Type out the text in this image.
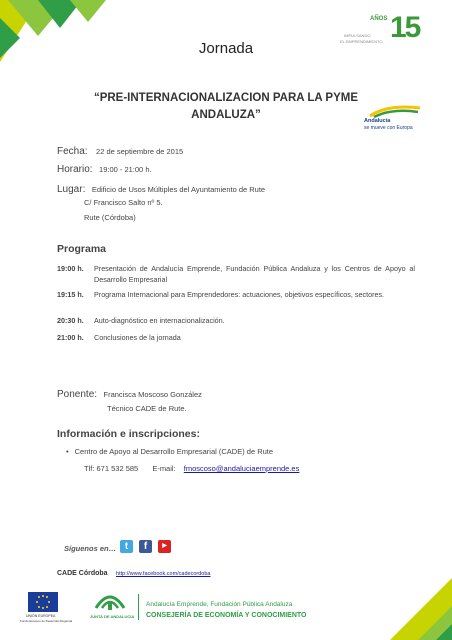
AÑOS
IMPULSANDO
EL EMPRENDIMIENTO 15
Jornada
“PRE-INTERNACIONALIZACION PARA LA PYME
ANDALUZA”	Andalucía
se mueve con Europa
Fecha: 22 de septiembre de 2015
Horario: 19:00 - 21:00 h.
Lugar: Edificio de Usos Múltiples del Ayuntamiento de Rute
C/ Francisco Salto nº 5.
Rute (Córdoba)
Programa
19:00 h.	Presentación de Andalucía Emprende, Fundación Pública Andaluza y los Centros de Apoyo al Desarrollo Empresarial
19:15 h.	Programa Internacional para Emprendedores: actuaciones, objetivos específicos, sectores.
20:30 h.	Auto-diagnóstico en internacionalización.
21:00 h.	Conclusiones de la jornada
Ponente: Francisca Moscoso González
Técnico CADE de Rute.
Información e inscripciones:
• Centro de Apoyo al Desarrollo Empresarial (CADE) de Rute
Tlf: 671 532 585 E-mail: fmoscoso@andaluciaemprende.es
Síguenos en… t	f	▶
CADE Córdoba http://www.facebook.com/cadecordoba
UNIÓN EUROPEA
Fondo Europeo de Desarrollo Regional
JUNTA DE ANDALUCIA
Andalucía Emprende, Fundación Pública Andaluza
CONSEJERÍA DE ECONOMÍA Y CONOCIMIENTO
